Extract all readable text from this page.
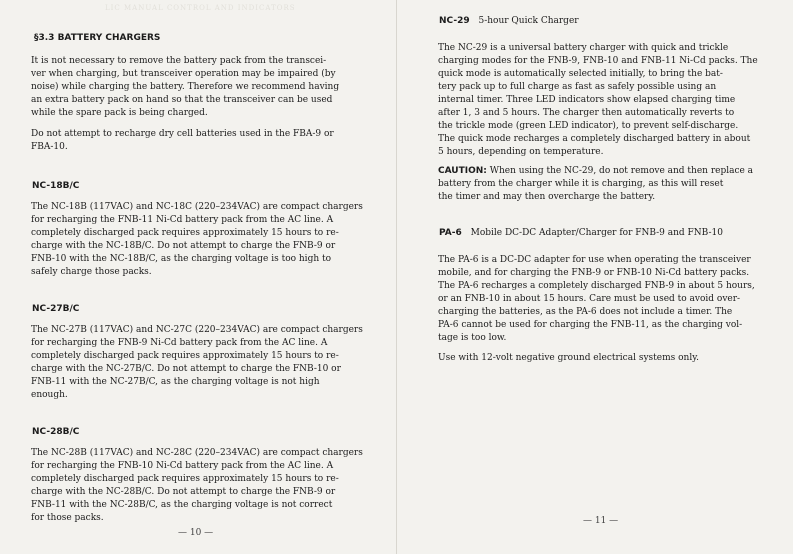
LIC MANUAL CONTROL AND INDICATORS
§3.3 BATTERY CHARGERS
It is not necessary to remove the battery pack from the transcei-
ver when charging, but transceiver operation may be impaired (by
noise) while charging the battery. Therefore we recommend having
an extra battery pack on hand so that the transceiver can be used
while the spare pack is being charged.
Do not attempt to recharge dry cell batteries used in the FBA-9 or
FBA-10.
NC-18B/C
The NC-18B (117VAC) and NC-18C (220–234VAC) are compact chargers
for recharging the FNB-11 Ni-Cd battery pack from the AC line. A
completely discharged pack requires approximately 15 hours to re-
charge with the NC-18B/C. Do not attempt to charge the FNB-9 or
FNB-10 with the NC-18B/C, as the charging voltage is too high to
safely charge those packs.
NC-27B/C
The NC-27B (117VAC) and NC-27C (220–234VAC) are compact chargers
for recharging the FNB-9 Ni-Cd battery pack from the AC line. A
completely discharged pack requires approximately 15 hours to re-
charge with the NC-27B/C. Do not attempt to charge the FNB-10 or
FNB-11 with the NC-27B/C, as the charging voltage is not high
enough.
NC-28B/C
The NC-28B (117VAC) and NC-28C (220–234VAC) are compact chargers
for recharging the FNB-10 Ni-Cd battery pack from the AC line. A
completely discharged pack requires approximately 15 hours to re-
charge with the NC-28B/C. Do not attempt to charge the FNB-9 or
FNB-11 with the NC-28B/C, as the charging voltage is not correct
for those packs.
— 10 —
NC-29 5-hour Quick Charger
The NC-29 is a universal battery charger with quick and trickle
charging modes for the FNB-9, FNB-10 and FNB-11 Ni-Cd packs. The
quick mode is automatically selected initially, to bring the bat-
tery pack up to full charge as fast as safely possible using an
internal timer. Three LED indicators show elapsed charging time
after 1, 3 and 5 hours. The charger then automatically reverts to
the trickle mode (green LED indicator), to prevent self-discharge.
The quick mode recharges a completely discharged battery in about
5 hours, depending on temperature.
CAUTION: When using the NC-29, do not remove and then replace a
battery from the charger while it is charging, as this will reset
the timer and may then overcharge the battery.
PA-6 Mobile DC-DC Adapter/Charger for FNB-9 and FNB-10
The PA-6 is a DC-DC adapter for use when operating the transceiver
mobile, and for charging the FNB-9 or FNB-10 Ni-Cd battery packs.
The PA-6 recharges a completely discharged FNB-9 in about 5 hours,
or an FNB-10 in about 15 hours. Care must be used to avoid over-
charging the batteries, as the PA-6 does not include a timer. The
PA-6 cannot be used for charging the FNB-11, as the charging vol-
tage is too low.
Use with 12-volt negative ground electrical systems only.
— 11 —
